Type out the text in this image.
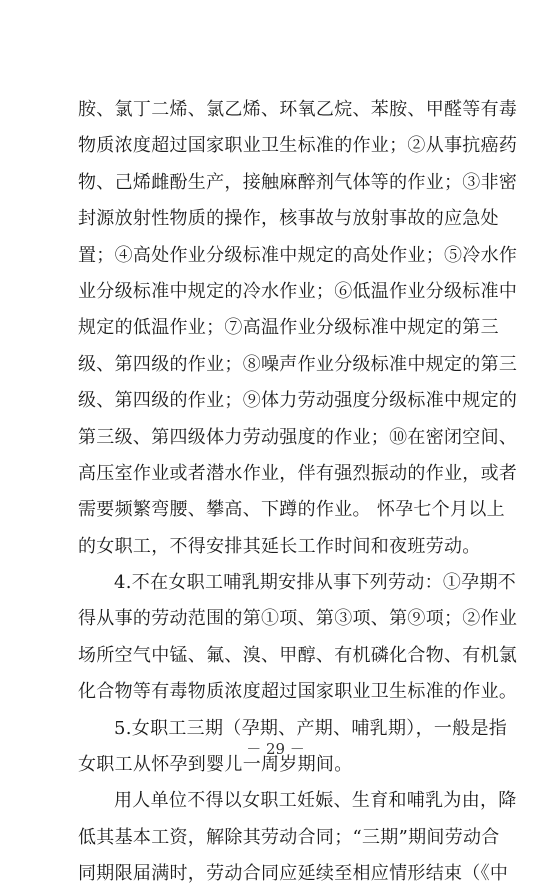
胺、氯丁二烯、氯乙烯、环氧乙烷、苯胺、甲醛等有毒
物质浓度超过国家职业卫生标准的作业；②从事抗癌药
物、己烯雌酚生产，接触麻醉剂气体等的作业；③非密
封源放射性物质的操作，核事故与放射事故的应急处
置；④高处作业分级标准中规定的高处作业；⑤冷水作
业分级标准中规定的冷水作业；⑥低温作业分级标准中
规定的低温作业；⑦高温作业分级标准中规定的第三
级、第四级的作业；⑧噪声作业分级标准中规定的第三
级、第四级的作业；⑨体力劳动强度分级标准中规定的
第三级、第四级体力劳动强度的作业；⑩在密闭空间、
高压室作业或者潜水作业，伴有强烈振动的作业，或者
需要频繁弯腰、攀高、下蹲的作业。 怀孕七个月以上
的女职工，不得安排其延长工作时间和夜班劳动。
4.不在女职工哺乳期安排从事下列劳动：①孕期不
得从事的劳动范围的第①项、第③项、第⑨项；②作业
场所空气中锰、氟、溴、甲醇、有机磷化合物、有机氯
化合物等有毒物质浓度超过国家职业卫生标准的作业。
5.女职工三期（孕期、产期、哺乳期），一般是指
女职工从怀孕到婴儿一周岁期间。
用人单位不得以女职工妊娠、生育和哺乳为由，降
低其基本工资，解除其劳动合同；“三期”期间劳动合
同期限届满时，劳动合同应延续至相应情形结束（《中
－ 29 －
